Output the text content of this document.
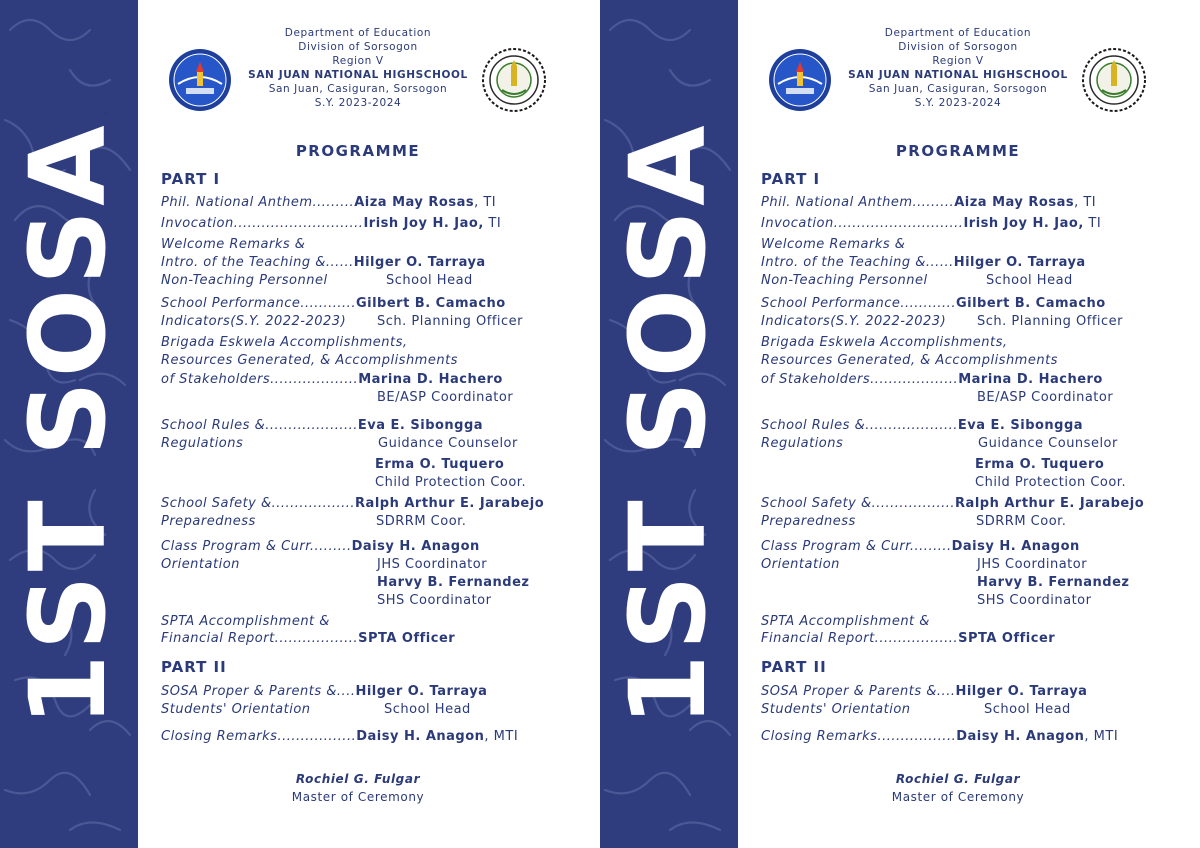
1ST SOSA
v
Department of Education
Division of Sorsogon
Region V
SAN JUAN NATIONAL HIGHSCHOOL
San Juan, Casiguran, Sorsogon
S.Y. 2023-2024
PROGRAMME
PART I
Phil. National Anthem.........Aiza May Rosas, TI
Invocation............................Irish Joy H. Jao, TI
Welcome Remarks &
Intro. of the Teaching &......Hilger O. Tarraya
Non-Teaching Personnel	School Head
School Performance............Gilbert B. Camacho
Indicators(S.Y. 2022-2023) Sch. Planning Officer
Brigada Eskwela Accomplishments,
Resources Generated, & Accomplishments
of Stakeholders...................Marina D. Hachero
BE/ASP Coordinator
School Rules &....................Eva E. Sibongga
Regulations	Guidance Counselor
Erma O. Tuquero
Child Protection Coor.
School Safety &..................Ralph Arthur E. Jarabejo
Preparedness	SDRRM Coor.
Class Program & Curr.........Daisy H. Anagon
Orientation	JHS Coordinator
Harvy B. Fernandez
SHS Coordinator
SPTA Accomplishment &
Financial Report..................SPTA Officer
PART II
SOSA Proper & Parents &....Hilger O. Tarraya
Students' Orientation	School Head
Closing Remarks.................Daisy H. Anagon, MTI
Rochiel G. Fulgar
Master of Ceremony
1ST SOSA
Department of Education
Division of Sorsogon
Region V
SAN JUAN NATIONAL HIGHSCHOOL
San Juan, Casiguran, Sorsogon
S.Y. 2023-2024
PROGRAMME
PART I
Phil. National Anthem.........Aiza May Rosas, TI
Invocation............................Irish Joy H. Jao, TI
Welcome Remarks &
Intro. of the Teaching &......Hilger O. Tarraya
Non-Teaching Personnel	School Head
School Performance............Gilbert B. Camacho
Indicators(S.Y. 2022-2023) Sch. Planning Officer
Brigada Eskwela Accomplishments,
Resources Generated, & Accomplishments
of Stakeholders...................Marina D. Hachero
BE/ASP Coordinator
School Rules &....................Eva E. Sibongga
Regulations	Guidance Counselor
Erma O. Tuquero
Child Protection Coor.
School Safety &..................Ralph Arthur E. Jarabejo
Preparedness	SDRRM Coor.
Class Program & Curr.........Daisy H. Anagon
Orientation	JHS Coordinator
Harvy B. Fernandez
SHS Coordinator
SPTA Accomplishment &
Financial Report..................SPTA Officer
PART II
SOSA Proper & Parents &....Hilger O. Tarraya
Students' Orientation	School Head
Closing Remarks.................Daisy H. Anagon, MTI
Rochiel G. Fulgar
Master of Ceremony
